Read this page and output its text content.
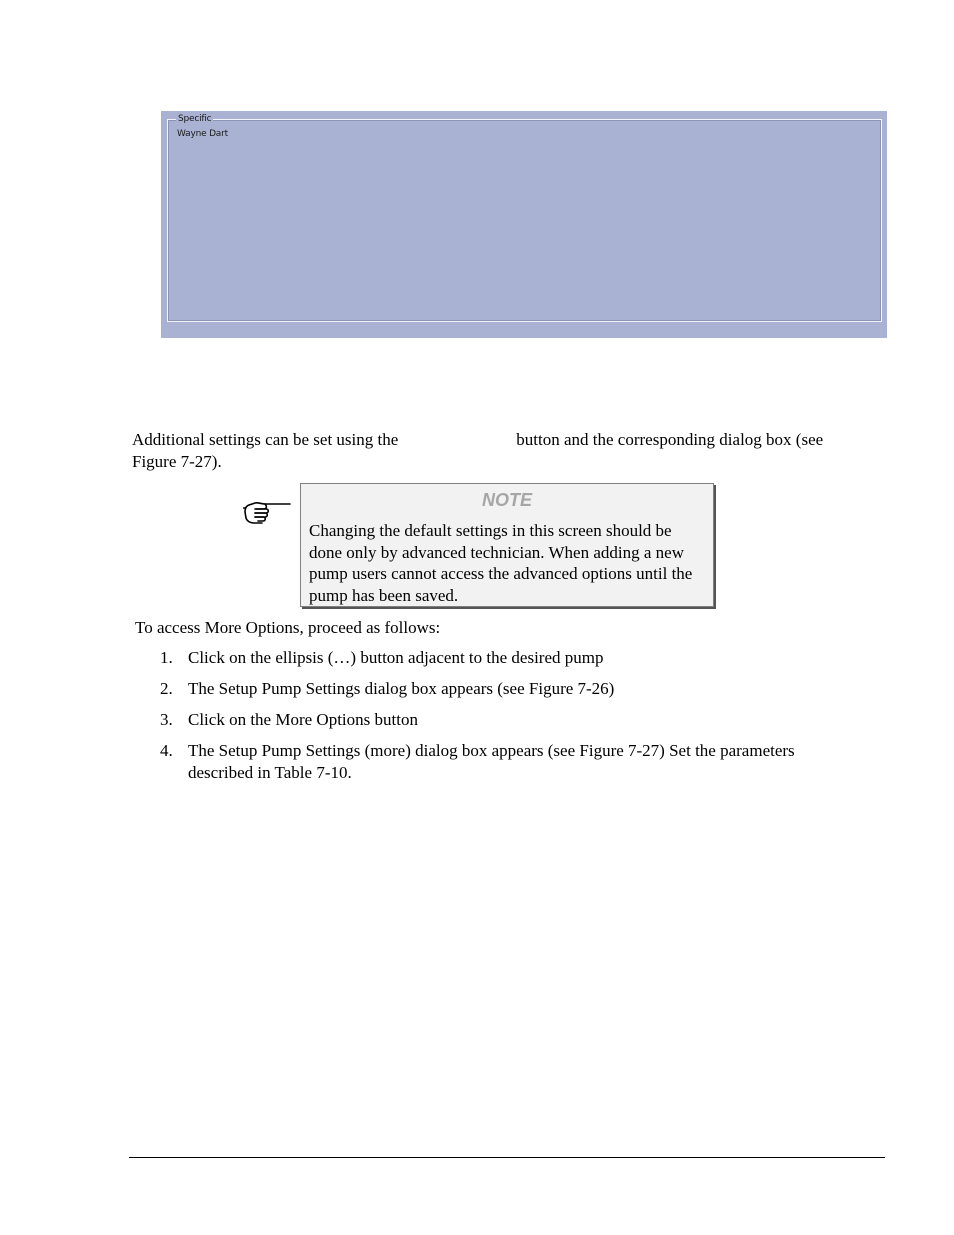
Specific
Wayne Dart
Additional settings can be set using the	button and the corresponding dialog box (see Figure 7-27).
NOTE
Changing the default settings in this screen should be done only by advanced technician. When adding a new pump users cannot access the advanced options until the pump has been saved.
To access More Options, proceed as follows:
1. Click on the ellipsis (…) button adjacent to the desired pump
2. The Setup Pump Settings dialog box appears (see Figure 7-26)
3. Click on the More Options button
4. The Setup Pump Settings (more) dialog box appears (see Figure 7-27) Set the parameters described in Table 7-10.
